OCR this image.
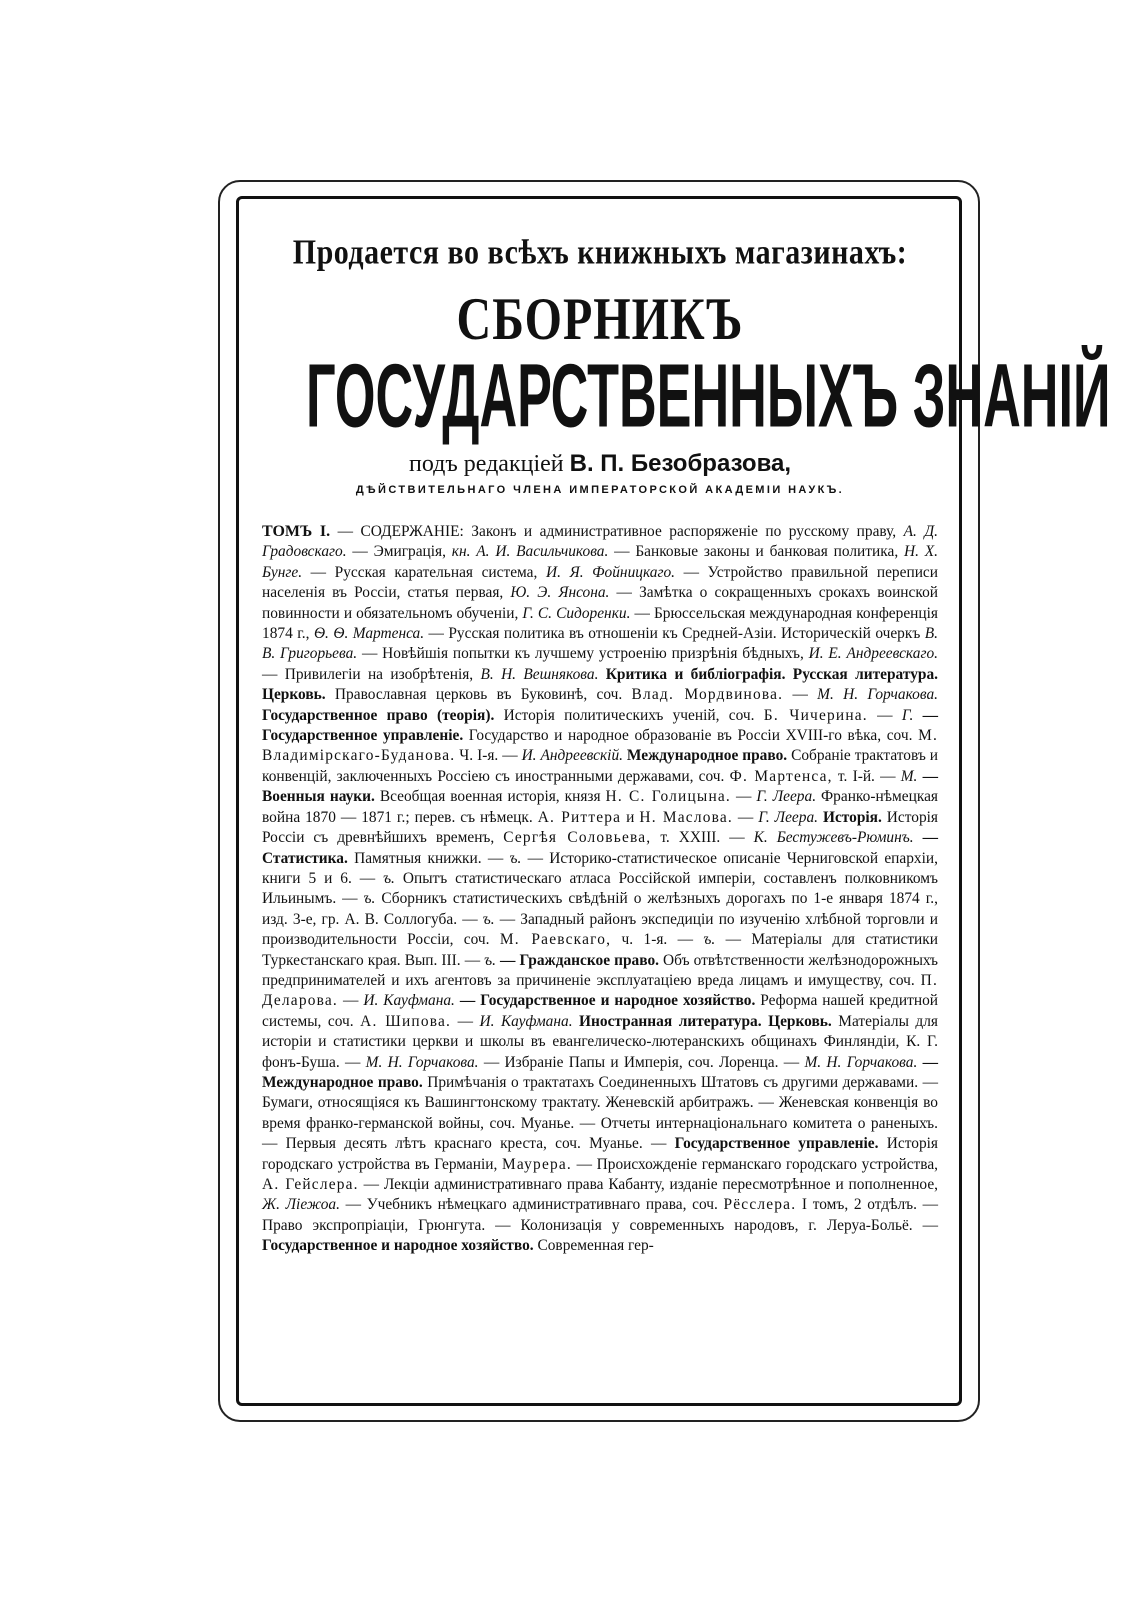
Продается во всѣхъ книжныхъ магазинахъ:
СБОРНИКЪ
ГОСУДАРСТВЕННЫХЪ ЗНАНІЙ
подъ редакціей В. П. Безобразова,
ДѢЙСТВИТЕЛЬНАГО ЧЛЕНА ИМПЕРАТОРСКОЙ АКАДЕМІИ НАУКЪ.
ТОМЪ I. — СОДЕРЖАНІЕ: Законъ и административное распоряженіе по русскому праву, А. Д. Градовскаго. — Эмиграція, кн. А. И. Васильчикова. — Банковые законы и банковая политика, Н. Х. Бунге. — Русская карательная система, И. Я. Фойницкаго. — Устройство правильной переписи населенія въ Россіи, статья первая, Ю. Э. Янсона. — Замѣтка о сокращенныхъ срокахъ воинской повинности и обязательномъ обученіи, Г. С. Сидоренки. — Брюссельская международная конференція 1874 г., Ѳ. Ѳ. Мартенса. — Русская политика въ отношеніи къ Средней-Азіи. Историческій очеркъ В. В. Григорьева. — Новѣйшія попытки къ лучшему устроенію призрѣнія бѣдныхъ, И. Е. Андреевскаго. — Привилегіи на изобрѣтенія, В. Н. Вешнякова. Критика и библіографія. Русская литература. Церковь. Православная церковь въ Буковинѣ, соч. Влад. Мордвинова. — М. Н. Горчакова. Государственное право (теорія). Исторія политическихъ ученій, соч. Б. Чичерина. — Г. — Государственное управленіе. Государство и народное образованіе въ Россіи XVIII-го вѣка, соч. М. Владимірскаго-Буданова. Ч. I-я. — И. Андреевскій. Международное право. Собраніе трактатовъ и конвенцій, заключенныхъ Россіею съ иностранными державами, соч. Ф. Мартенса, т. I-й. — М. — Военныя науки. Всеобщая военная исторія, князя Н. С. Голицына. — Г. Леера. Франко-нѣмецкая война 1870 — 1871 г.; перев. съ нѣмецк. А. Риттера и Н. Маслова. — Г. Леера. Исторія. Исторія Россіи съ древнѣйшихъ временъ, Сергѣя Соловьева, т. XXIII. — К. Бестужевъ-Рюминъ. — Статистика. Памятныя книжки. — ъ. — Историко-статистическое описаніе Черниговской епархіи, книги 5 и 6. — ъ. Опытъ статистическаго атласа Россійской имперіи, составленъ полковникомъ Ильинымъ. — ъ. Сборникъ статистическихъ свѣдѣній о желѣзныхъ дорогахъ по 1-е января 1874 г., изд. 3-е, гр. А. В. Соллогуба. — ъ. — Западный районъ экспедиціи по изученію хлѣбной торговли и производительности Россіи, соч. М. Раевскаго, ч. 1-я. — ъ. — Матеріалы для статистики Туркестанскаго края. Вып. III. — ъ. — Гражданское право. Объ отвѣтственности желѣзнодорожныхъ предпринимателей и ихъ агентовъ за причиненіе эксплуатаціею вреда лицамъ и имуществу, соч. П. Деларова. — И. Кауфмана. — Государственное и народное хозяйство. Реформа нашей кредитной системы, соч. А. Шипова. — И. Кауфмана. Иностранная литература. Церковь. Матеріалы для исторіи и статистики церкви и школы въ евангелическо-лютеранскихъ общинахъ Финляндіи, К. Г. фонъ-Буша. — М. Н. Горчакова. — Избраніе Папы и Имперія, соч. Лоренца. — М. Н. Горчакова. — Международное право. Примѣчанія о трактатахъ Соединенныхъ Штатовъ съ другими державами. — Бумаги, относящіяся къ Вашингтонскому трактату. Женевскій арбитражъ. — Женевская конвенція во время франко-германской войны, соч. Муанье. — Отчеты интернаціональнаго комитета о раненыхъ. — Первыя десять лѣтъ краснаго креста, соч. Муанье. — Государственное управленіе. Исторія городскаго устройства въ Германіи, Маурера. — Происхожденіе германскаго городскаго устройства, А. Гейслера. — Лекціи административнаго права Кабанту, изданіе пересмотрѣнное и пополненное, Ж. Ліежоа. — Учебникъ нѣмецкаго административнаго права, соч. Рёсслера. I томъ, 2 отдѣлъ. — Право экспропріаціи, Грюнгута. — Колонизація у современныхъ народовъ, г. Леруа-Больё. — Государственное и народное хозяйство. Современная гер-
